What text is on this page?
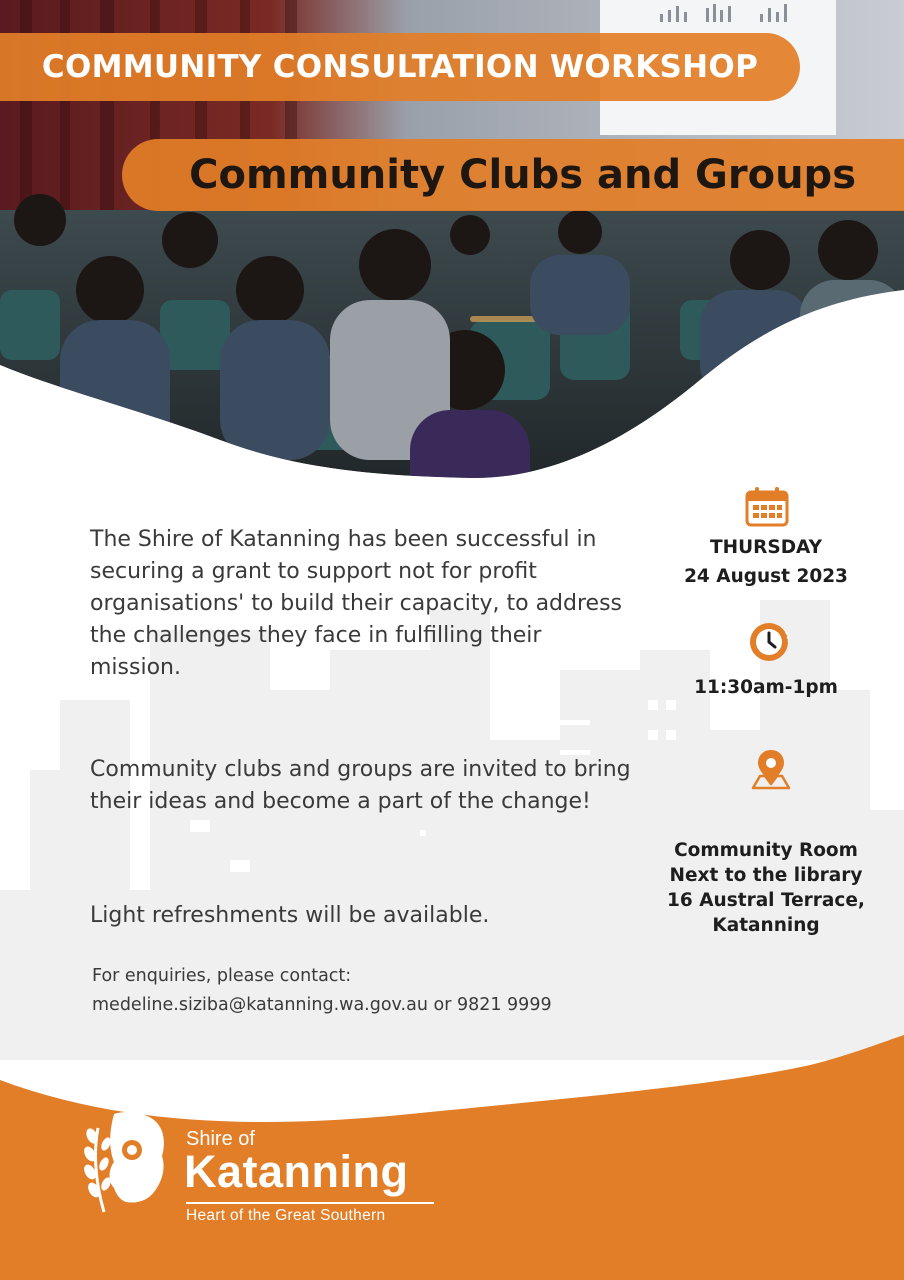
COMMUNITY CONSULTATION WORKSHOP
Community Clubs and Groups
The Shire of Katanning has been successful in securing a grant to support not for profit organisations' to build their capacity, to address the challenges they face in fulfilling their mission.
Community clubs and groups are invited to bring their ideas and become a part of the change!
Light refreshments will be available.
For enquiries, please contact:
medeline.siziba@katanning.wa.gov.au or 9821 9999
THURSDAY
24 August 2023
11:30am-1pm
Community Room
Next to the library
16 Austral Terrace,
Katanning
Shire of
Katanning
Heart of the Great Southern
